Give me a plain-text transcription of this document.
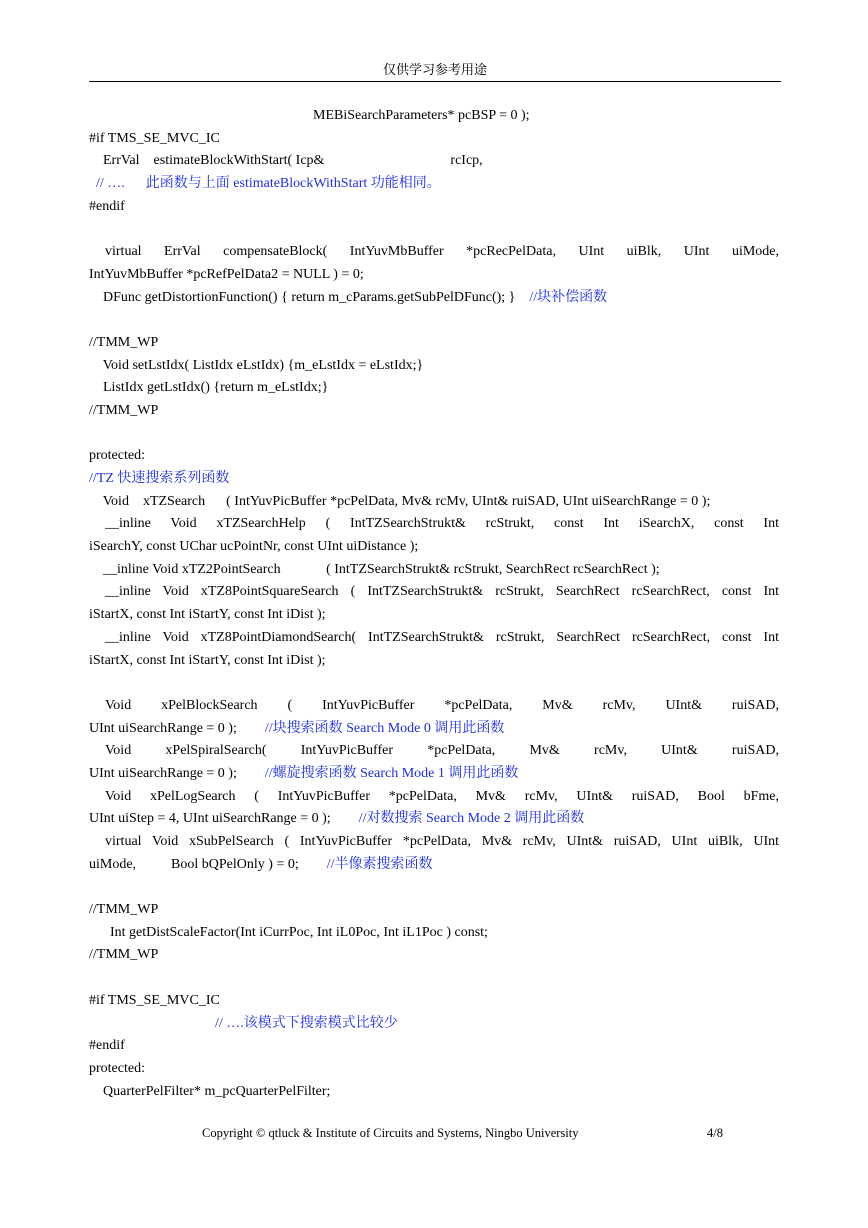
仅供学习参考用途
MEBiSearchParameters* pcBSP = 0 );
#if TMS_SE_MVC_IC
ErrVal    estimateBlockWithStart( Icp&                                    rcIcp,
// ….      此函数与上面 estimateBlockWithStart 功能相同。
#endif
virtual ErrVal compensateBlock( IntYuvMbBuffer *pcRecPelData, UInt uiBlk, UInt uiMode,
IntYuvMbBuffer *pcRefPelData2 = NULL ) = 0;
DFunc getDistortionFunction() { return m_cParams.getSubPelDFunc(); }    //块补偿函数
//TMM_WP
Void setLstIdx( ListIdx eLstIdx) {m_eLstIdx = eLstIdx;}
ListIdx getLstIdx() {return m_eLstIdx;}
//TMM_WP
protected:
//TZ 快速搜索系列函数
Void    xTZSearch      ( IntYuvPicBuffer *pcPelData, Mv& rcMv, UInt& ruiSAD, UInt uiSearchRange = 0 );
__inline Void xTZSearchHelp ( IntTZSearchStrukt& rcStrukt, const Int iSearchX, const Int
iSearchY, const UChar ucPointNr, const UInt uiDistance );
__inline Void xTZ2PointSearch             ( IntTZSearchStrukt& rcStrukt, SearchRect rcSearchRect );
__inline Void xTZ8PointSquareSearch ( IntTZSearchStrukt& rcStrukt, SearchRect rcSearchRect, const Int
iStartX, const Int iStartY, const Int iDist );
__inline Void xTZ8PointDiamondSearch( IntTZSearchStrukt& rcStrukt, SearchRect rcSearchRect, const Int
iStartX, const Int iStartY, const Int iDist );
Void xPelBlockSearch ( IntYuvPicBuffer *pcPelData, Mv& rcMv, UInt& ruiSAD,
UInt uiSearchRange = 0 );        //块搜索函数 Search Mode 0 调用此函数
Void xPelSpiralSearch( IntYuvPicBuffer *pcPelData, Mv& rcMv, UInt& ruiSAD,
UInt uiSearchRange = 0 );        //螺旋搜索函数 Search Mode 1 调用此函数
Void xPelLogSearch ( IntYuvPicBuffer *pcPelData, Mv& rcMv, UInt& ruiSAD, Bool bFme,
UInt uiStep = 4, UInt uiSearchRange = 0 );        //对数搜索 Search Mode 2 调用此函数
virtual Void xSubPelSearch ( IntYuvPicBuffer *pcPelData, Mv& rcMv, UInt& ruiSAD, UInt uiBlk, UInt
uiMode,          Bool bQPelOnly ) = 0;        //半像素搜索函数
//TMM_WP
Int getDistScaleFactor(Int iCurrPoc, Int iL0Poc, Int iL1Poc ) const;
//TMM_WP
#if TMS_SE_MVC_IC
// ….该模式下搜索模式比较少
#endif
protected:
QuarterPelFilter* m_pcQuarterPelFilter;
Copyright © qtluck & Institute of Circuits and Systems, Ningbo University	4/8
